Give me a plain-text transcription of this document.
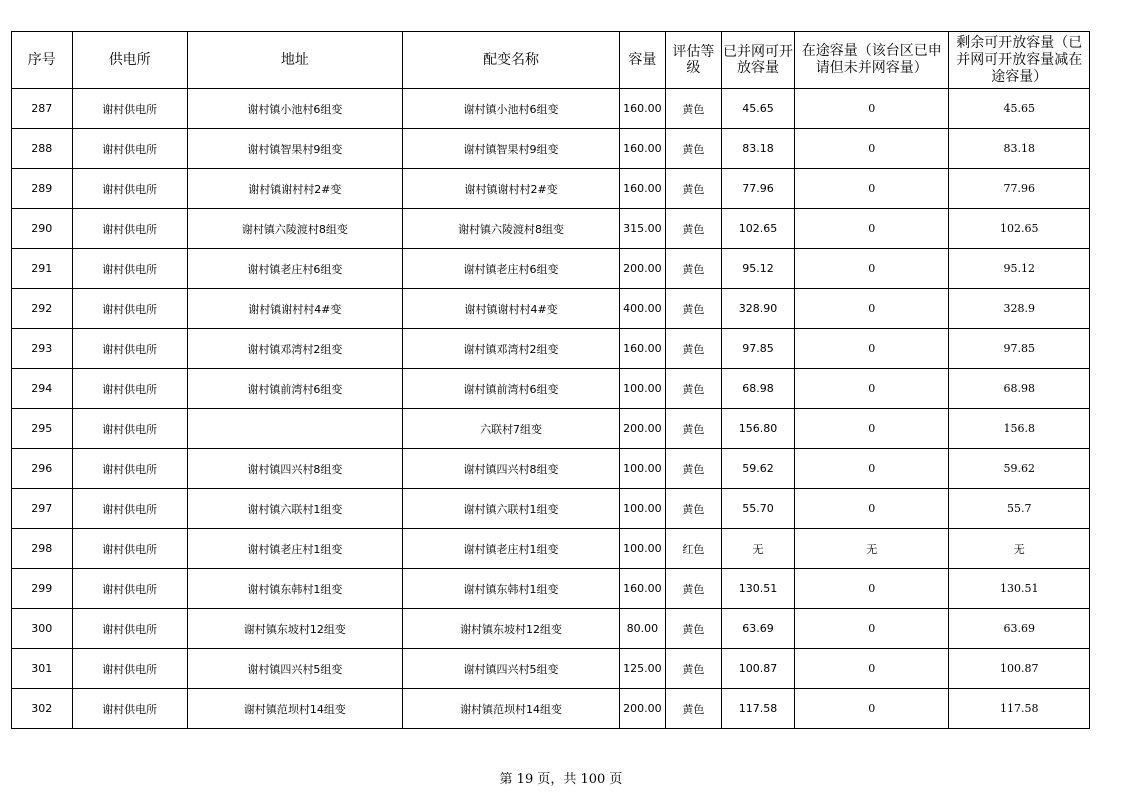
序号	供电所	地址	配变名称	容量	评估等级	已并网可开放容量	在途容量（该台区已申请但未并网容量）	剩余可开放容量（已并网可开放容量减在途容量）
287	谢村供电所	谢村镇小池村6组变	谢村镇小池村6组变	160.00	黄色	45.65	0	45.65
288	谢村供电所	谢村镇智果村9组变	谢村镇智果村9组变	160.00	黄色	83.18	0	83.18
289	谢村供电所	谢村镇谢村村2#变	谢村镇谢村村2#变	160.00	黄色	77.96	0	77.96
290	谢村供电所	谢村镇六陵渡村8组变	谢村镇六陵渡村8组变	315.00	黄色	102.65	0	102.65
291	谢村供电所	谢村镇老庄村6组变	谢村镇老庄村6组变	200.00	黄色	95.12	0	95.12
292	谢村供电所	谢村镇谢村村4#变	谢村镇谢村村4#变	400.00	黄色	328.90	0	328.9
293	谢村供电所	谢村镇邓湾村2组变	谢村镇邓湾村2组变	160.00	黄色	97.85	0	97.85
294	谢村供电所	谢村镇前湾村6组变	谢村镇前湾村6组变	100.00	黄色	68.98	0	68.98
295	谢村供电所		六联村7组变	200.00	黄色	156.80	0	156.8
296	谢村供电所	谢村镇四兴村8组变	谢村镇四兴村8组变	100.00	黄色	59.62	0	59.62
297	谢村供电所	谢村镇六联村1组变	谢村镇六联村1组变	100.00	黄色	55.70	0	55.7
298	谢村供电所	谢村镇老庄村1组变	谢村镇老庄村1组变	100.00	红色	无	无	无
299	谢村供电所	谢村镇东韩村1组变	谢村镇东韩村1组变	160.00	黄色	130.51	0	130.51
300	谢村供电所	谢村镇东坡村12组变	谢村镇东坡村12组变	80.00	黄色	63.69	0	63.69
301	谢村供电所	谢村镇四兴村5组变	谢村镇四兴村5组变	125.00	黄色	100.87	0	100.87
302	谢村供电所	谢村镇范坝村14组变	谢村镇范坝村14组变	200.00	黄色	117.58	0	117.58
第 19 页，共 100 页
